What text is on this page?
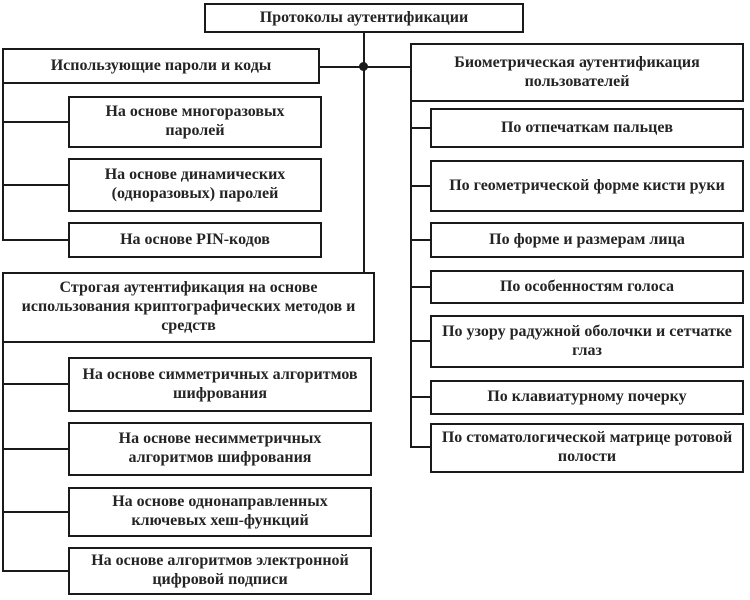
Протоколы аутентификации
Использующие пароли и коды
На основе многоразовых паролей
На основе динамических (одноразовых) паролей
На основе PIN-кодов
Строгая аутентификация на основе использования криптографических методов и средств
На основе симметричных алгоритмов шифрования
На основе несимметричных алгоритмов шифрования
На основе однонаправленных ключевых хеш-функций
На основе алгоритмов электронной цифровой подписи
Биометрическая аутентификация пользователей
По отпечаткам пальцев
По геометрической форме кисти руки
По форме и размерам лица
По особенностям голоса
По узору радужной оболочки и сетчатке глаз
По клавиатурному почерку
По стоматологической матрице ротовой полости
